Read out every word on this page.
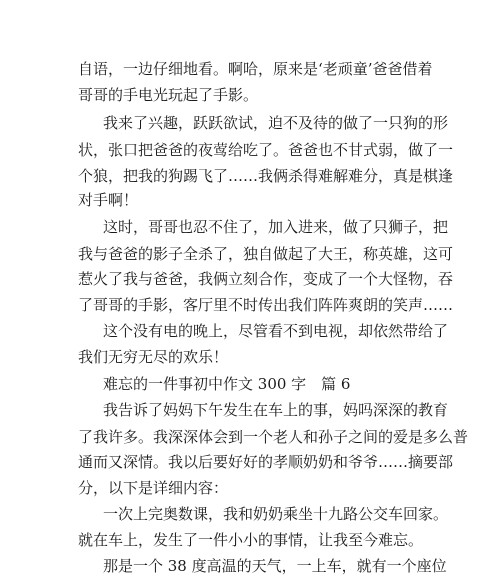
自语，一边仔细地看。啊哈，原来是‘老顽童’爸爸借着
哥哥的手电光玩起了手影。
我来了兴趣，跃跃欲试，迫不及待的做了一只狗的形
状，张口把爸爸的夜莺给吃了。爸爸也不甘式弱，做了一
个狼，把我的狗踢飞了……我俩杀得难解难分，真是棋逢
对手啊！
这时，哥哥也忍不住了，加入进来，做了只狮子，把
我与爸爸的影子全杀了，独自做起了大王，称英雄，这可
惹火了我与爸爸，我俩立刻合作，变成了一个大怪物，吞
了哥哥的手影，客厅里不时传出我们阵阵爽朗的笑声……
这个没有电的晚上，尽管看不到电视，却依然带给了
我们无穷无尽的欢乐！
难忘的一件事初中作文 300 字　篇 6
我告诉了妈妈下午发生在车上的事，妈吗深深的教育
了我许多。我深深体会到一个老人和孙子之间的爱是多么普
通而又深情。我以后要好好的孝顺奶奶和爷爷……摘要部
分，以下是详细内容：
一次上完奥数课，我和奶奶乘坐十九路公交车回家。
就在车上，发生了一件小小的事情，让我至今难忘。
那是一个 38 度高温的天气，一上车，就有一个座位
